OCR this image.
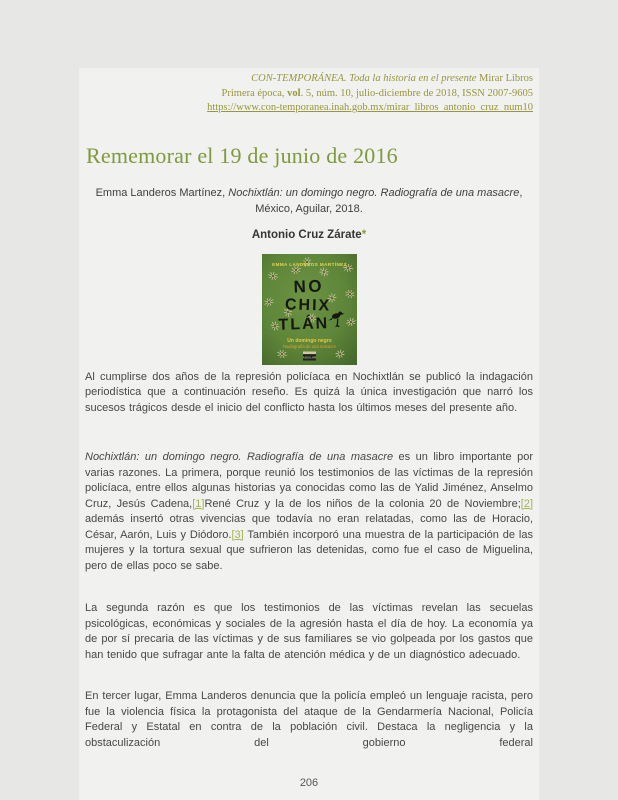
CON-TEMPORÁNEA. Toda la historia en el presente Mirar Libros
Primera época, vol. 5, núm. 10, julio-diciembre de 2018, ISSN 2007-9605
https://www.con-temporanea.inah.gob.mx/mirar_libros_antonio_cruz_num10
Rememorar el 19 de junio de 2016

Emma Landeros Martínez, Nochixtlán: un domingo negro. Radiografía de una masacre, México, Aguilar, 2018.

Antonio Cruz Zárate*

EMMA LANDEROS MARTÍNEZ
NO
CHIX
TLÁN
Un domingo negro
Radiografía de una masacre
AGUILAR

Al cumplirse dos años de la represión policíaca en Nochixtlán se publicó la indagación periodística que a continuación reseño. Es quizá la única investigación que narró los sucesos trágicos desde el inicio del conflicto hasta los últimos meses del presente año.

Nochixtlán: un domingo negro. Radiografía de una masacre es un libro importante por varias razones. La primera, porque reunió los testimonios de las víctimas de la represión policíaca, entre ellos algunas historias ya conocidas como las de Yalid Jiménez, Anselmo Cruz, Jesús Cadena,[1]René Cruz y la de los niños de la colonia 20 de Noviembre;[2] además insertó otras vivencias que todavía no eran relatadas, como las de Horacio, César, Aarón, Luis y Diódoro.[3] También incorporó una muestra de la participación de las mujeres y la tortura sexual que sufrieron las detenidas, como fue el caso de Miguelina, pero de ellas poco se sabe.

La segunda razón es que los testimonios de las víctimas revelan las secuelas psicológicas, económicas y sociales de la agresión hasta el día de hoy. La economía ya de por sí precaria de las víctimas y de sus familiares se vio golpeada por los gastos que han tenido que sufragar ante la falta de atención médica y de un diagnóstico adecuado.

En tercer lugar, Emma Landeros denuncia que la policía empleó un lenguaje racista, pero fue la violencia física la protagonista del ataque de la Gendarmería Nacional, Policía Federal y Estatal en contra de la población civil. Destaca la negligencia y la obstaculización del gobierno federal

206
